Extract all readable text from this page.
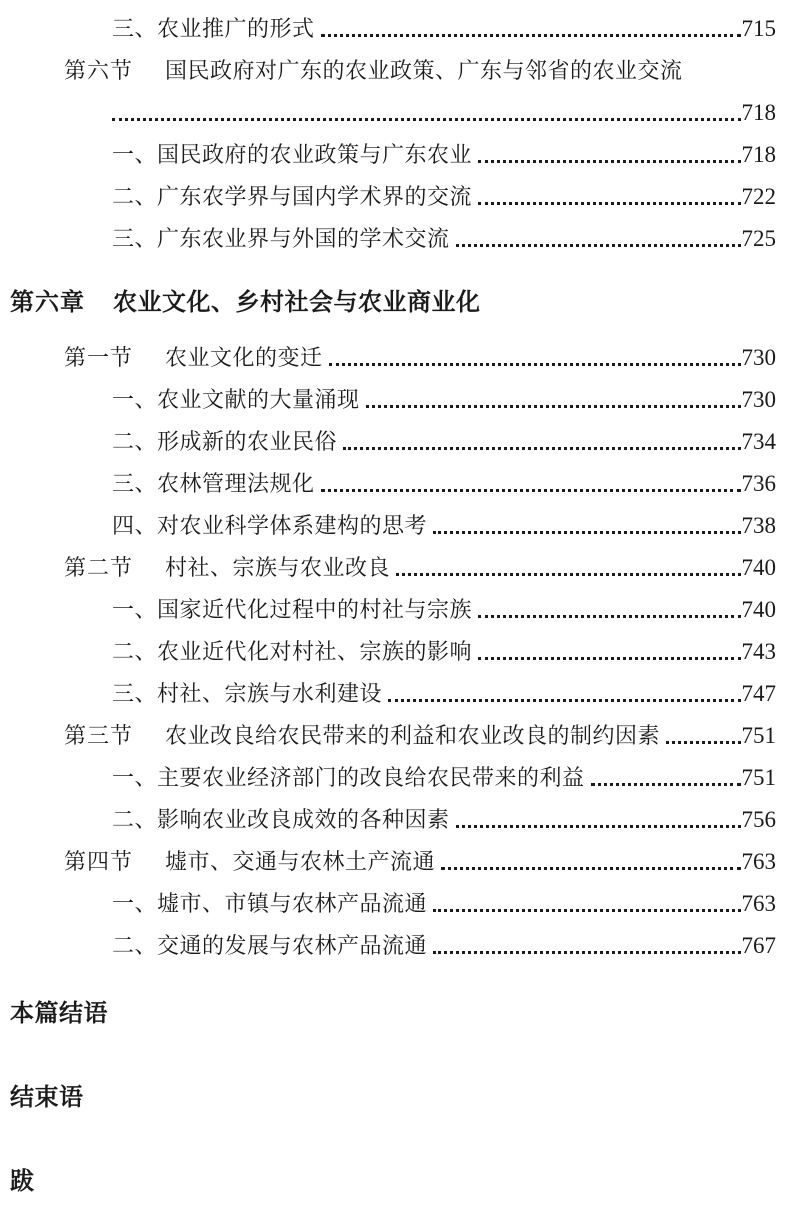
三、农业推广的形式	715
第六节 国民政府对广东的农业政策、广东与邻省的农业交流
718
一、国民政府的农业政策与广东农业	718
二、广东农学界与国内学术界的交流	722
三、广东农业界与外国的学术交流	725
第六章 农业文化、乡村社会与农业商业化
第一节 农业文化的变迁	730
一、农业文献的大量涌现	730
二、形成新的农业民俗	734
三、农林管理法规化	736
四、对农业科学体系建构的思考	738
第二节 村社、宗族与农业改良	740
一、国家近代化过程中的村社与宗族	740
二、农业近代化对村社、宗族的影响	743
三、村社、宗族与水利建设	747
第三节 农业改良给农民带来的利益和农业改良的制约因素	751
一、主要农业经济部门的改良给农民带来的利益	751
二、影响农业改良成效的各种因素	756
第四节 墟市、交通与农林土产流通	763
一、墟市、市镇与农林产品流通	763
二、交通的发展与农林产品流通	767
本篇结语
结束语
跋
